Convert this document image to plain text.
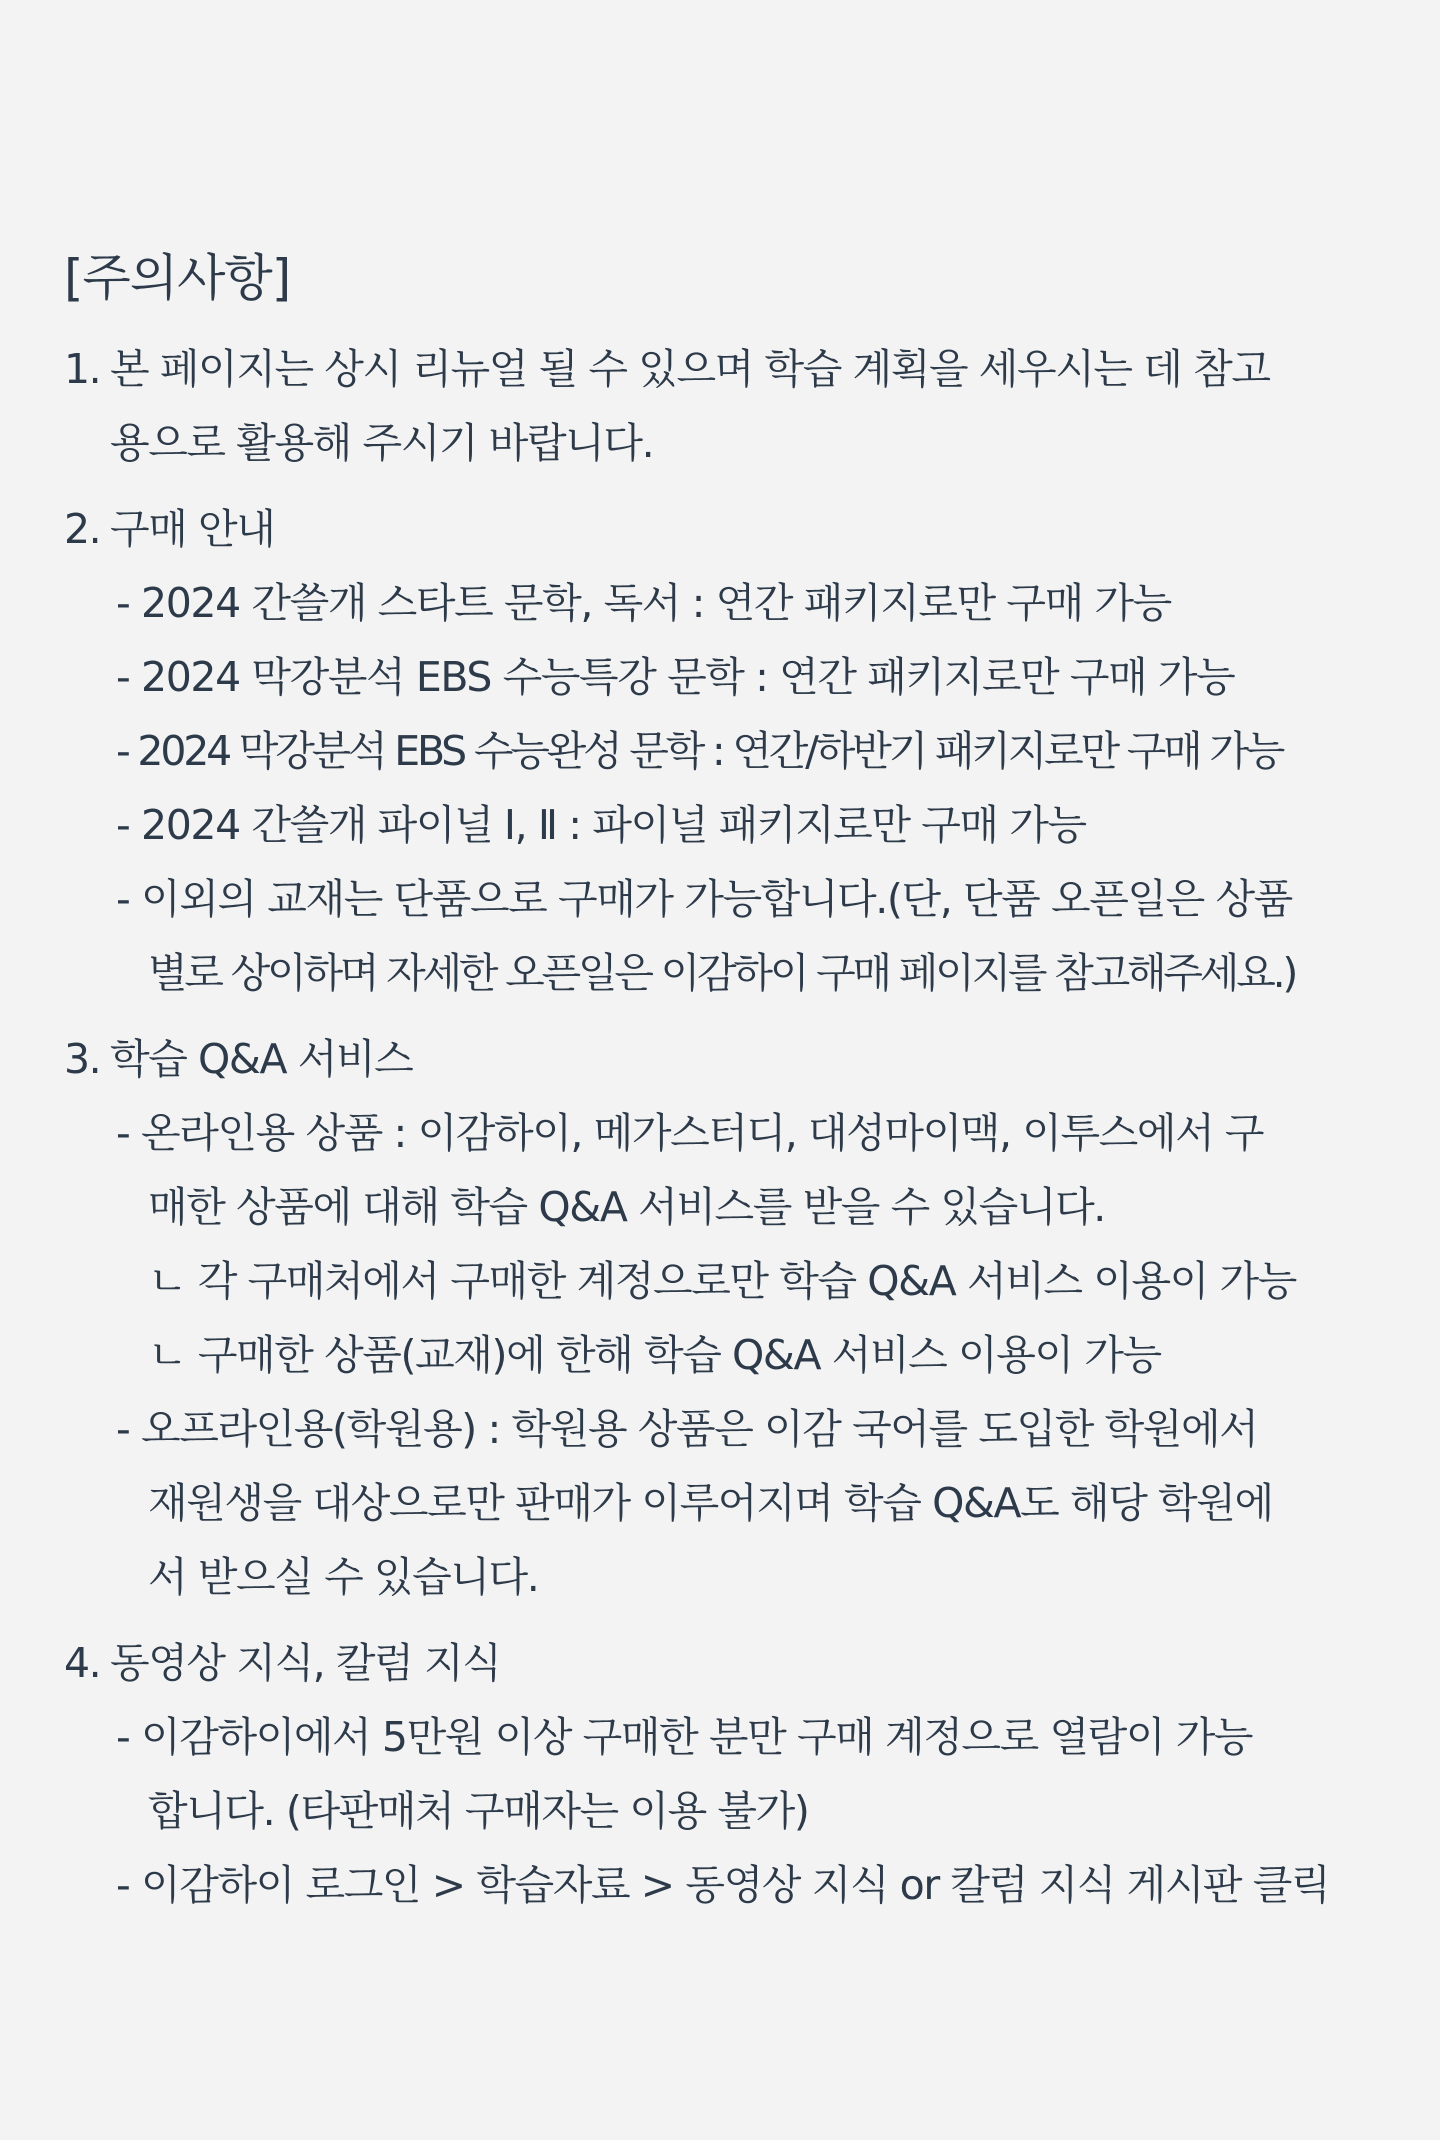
[주의사항]
1. 본 페이지는 상시 리뉴얼 될 수 있으며 학습 계획을 세우시는 데 참고
용으로 활용해 주시기 바랍니다.
2. 구매 안내
- 2024 간쓸개 스타트 문학, 독서 : 연간 패키지로만 구매 가능
- 2024 막강분석 EBS 수능특강 문학 : 연간 패키지로만 구매 가능
- 2024 막강분석 EBS 수능완성 문학 : 연간/하반기 패키지로만 구매 가능
- 2024 간쓸개 파이널 Ⅰ, Ⅱ : 파이널 패키지로만 구매 가능
- 이외의 교재는 단품으로 구매가 가능합니다.(단, 단품 오픈일은 상품
별로 상이하며 자세한 오픈일은 이감하이 구매 페이지를 참고해주세요.)
3. 학습 Q&A 서비스
- 온라인용 상품 : 이감하이, 메가스터디, 대성마이맥, 이투스에서 구
매한 상품에 대해 학습 Q&A 서비스를 받을 수 있습니다.
ㄴ 각 구매처에서 구매한 계정으로만 학습 Q&A 서비스 이용이 가능
ㄴ 구매한 상품(교재)에 한해 학습 Q&A 서비스 이용이 가능
- 오프라인용(학원용) : 학원용 상품은 이감 국어를 도입한 학원에서
재원생을 대상으로만 판매가 이루어지며 학습 Q&A도 해당 학원에
서 받으실 수 있습니다.
4. 동영상 지식, 칼럼 지식
- 이감하이에서 5만원 이상 구매한 분만 구매 계정으로 열람이 가능
합니다. (타판매처 구매자는 이용 불가)
- 이감하이 로그인 > 학습자료 > 동영상 지식 or 칼럼 지식 게시판 클릭
